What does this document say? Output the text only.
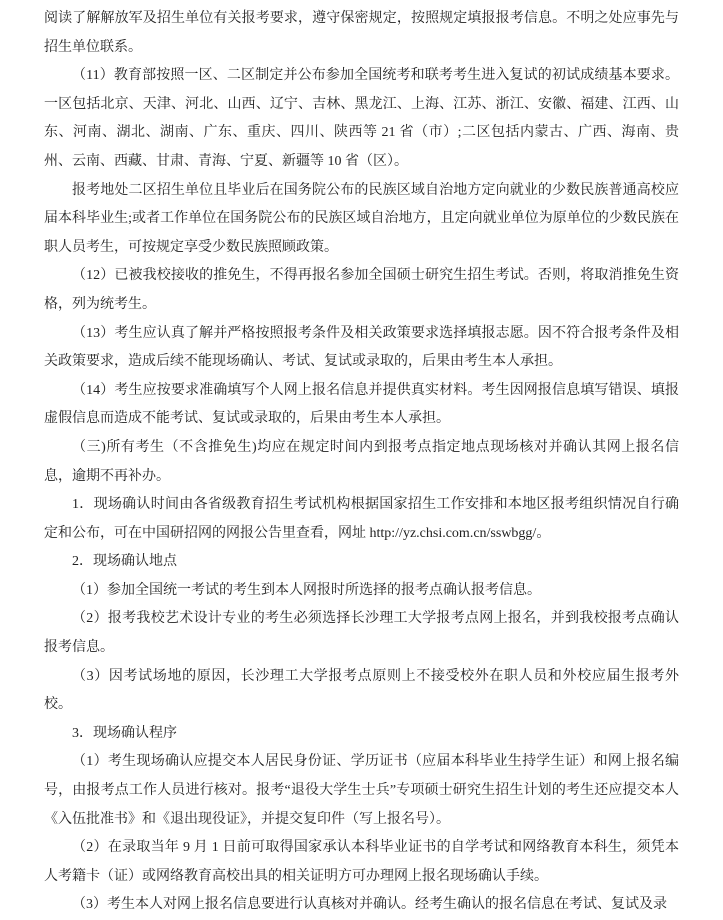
阅读了解解放军及招生单位有关报考要求，遵守保密规定，按照规定填报报考信息。不明之处应事先与招生单位联系。

（11）教育部按照一区、二区制定并公布参加全国统考和联考考生进入复试的初试成绩基本要求。一区包括北京、天津、河北、山西、辽宁、吉林、黑龙江、上海、江苏、浙江、安徽、福建、江西、山东、河南、湖北、湖南、广东、重庆、四川、陕西等 21 省（市）;二区包括内蒙古、广西、海南、贵州、云南、西藏、甘肃、青海、宁夏、新疆等 10 省（区）。

报考地处二区招生单位且毕业后在国务院公布的民族区域自治地方定向就业的少数民族普通高校应届本科毕业生;或者工作单位在国务院公布的民族区域自治地方，且定向就业单位为原单位的少数民族在职人员考生，可按规定享受少数民族照顾政策。

（12）已被我校接收的推免生，不得再报名参加全国硕士研究生招生考试。否则，将取消推免生资格，列为统考生。

（13）考生应认真了解并严格按照报考条件及相关政策要求选择填报志愿。因不符合报考条件及相关政策要求，造成后续不能现场确认、考试、复试或录取的，后果由考生本人承担。

（14）考生应按要求准确填写个人网上报名信息并提供真实材料。考生因网报信息填写错误、填报虚假信息而造成不能考试、复试或录取的，后果由考生本人承担。

（三)所有考生（不含推免生)均应在规定时间内到报考点指定地点现场核对并确认其网上报名信息，逾期不再补办。

1．现场确认时间由各省级教育招生考试机构根据国家招生工作安排和本地区报考组织情况自行确定和公布，可在中国研招网的网报公告里查看，网址 http://yz.chsi.com.cn/sswbgg/。

2．现场确认地点

（1）参加全国统一考试的考生到本人网报时所选择的报考点确认报考信息。

（2）报考我校艺术设计专业的考生必须选择长沙理工大学报考点网上报名，并到我校报考点确认报考信息。

（3）因考试场地的原因，长沙理工大学报考点原则上不接受校外在职人员和外校应届生报考外校。

3．现场确认程序

（1）考生现场确认应提交本人居民身份证、学历证书（应届本科毕业生持学生证）和网上报名编号，由报考点工作人员进行核对。报考“退役大学生士兵”专项硕士研究生招生计划的考生还应提交本人《入伍批准书》和《退出现役证》，并提交复印件（写上报名号）。

（2）在录取当年 9 月 1 日前可取得国家承认本科毕业证书的自学考试和网络教育本科生，须凭本人考籍卡（证）或网络教育高校出具的相关证明方可办理网上报名现场确认手续。

（3）考生本人对网上报名信息要进行认真核对并确认。经考生确认的报名信息在考试、复试及录
